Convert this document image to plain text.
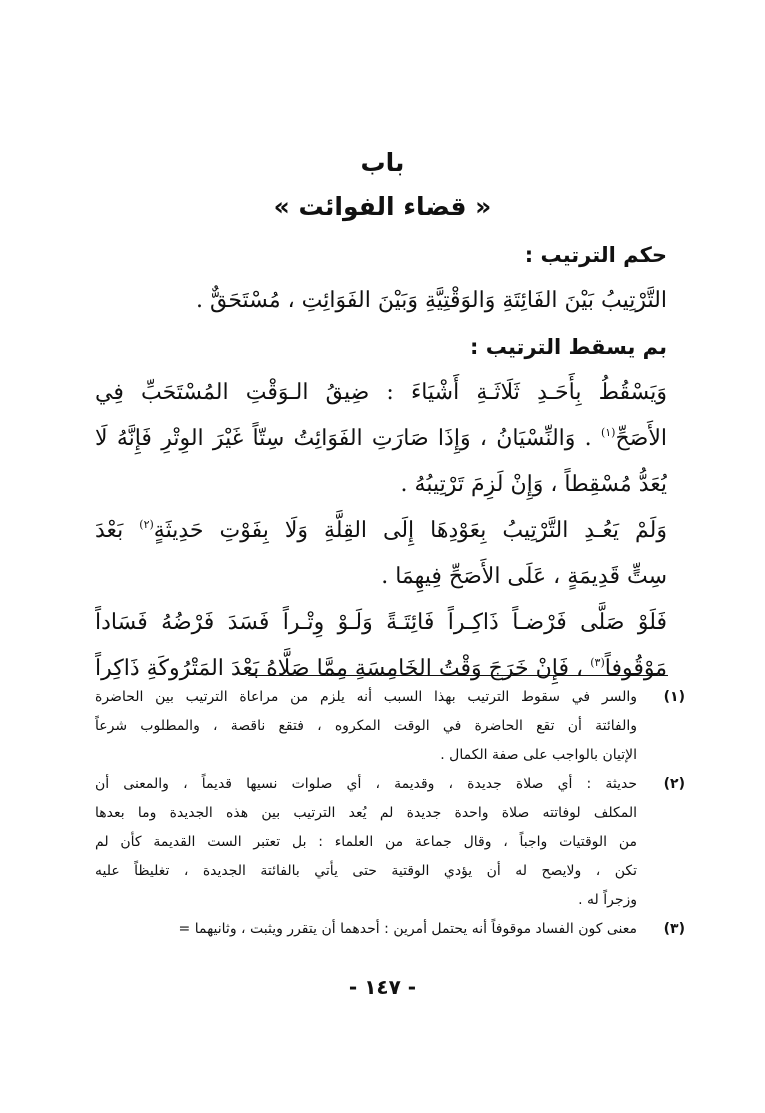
باب
« قضاء الفوائت »
حكم الترتيب :
التَّرْتِيبُ بَيْنَ الفَائِتَةِ وَالوَقْتِيَّةِ وَبَيْنَ الفَوَائِتِ ، مُسْتَحَقٌّ .
بم يسقط الترتيب :
وَيَسْقُطُ بِأَحَـدِ ثَلَاثَـةِ أَشْيَاءَ : ضِيقُ الـوَقْتِ المُسْتَحَبِّ فِي
الأَصَحِّ$^{(١)}$ . وَالنِّسْيَانُ ، وَإِذَا صَارَتِ الفَوَائِتُ سِتّاً غَيْرَ الوِتْرِ فَإِنَّهُ لَا
يُعَدُّ مُسْقِطاً ، وَإِنْ لَزِمَ تَرْتِيبُهُ .
وَلَمْ يَعُـدِ التَّرْتِيبُ بِعَوْدِهَا إِلَى القِلَّةِ وَلَا بِفَوْتِ حَدِيثَةٍ$^{(٢)}$ بَعْدَ
سِتٍّ قَدِيمَةٍ ، عَلَى الأَصَحِّ فِيهِمَا .
فَلَوْ صَلَّى فَرْضـاً ذَاكِـراً فَائِتَـةً وَلَـوْ وِتْـراً فَسَدَ فَرْضُهُ فَسَاداً
مَوْقُوفاً$^{(٣)}$ ، فَإِنْ خَرَجَ وَقْتُ الخَامِسَةِ مِمَّا صَلَّاهُ بَعْدَ المَتْرُوكَةِ ذَاكِراً
(١)
والسر في سقوط الترتيب بهذا السبب أنه يلزم من مراعاة الترتيب بين الحاضرة
والفائتة أن تقع الحاضرة في الوقت المكروه ، فتقع ناقصة ، والمطلوب شرعاً
الإتيان بالواجب على صفة الكمال .
(٢)
حديثة : أي صلاة جديدة ، وقديمة ، أي صلوات نسيها قديماً ، والمعنى أن
المكلف لوفاتته صلاة واحدة جديدة لم يُعد الترتيب بين هذه الجديدة وما بعدها
من الوقتيات واجباً ، وقال جماعة من العلماء : بل تعتبر الست القديمة كأن لم
تكن ، ولايصح له أن يؤدي الوقتية حتى يأتي بالفائتة الجديدة ، تغليظاً عليه
وزجراً له .
(٣)
معنى كون الفساد موقوفاً أنه يحتمل أمرين : أحدهما أن يتقرر ويثبت ، وثانيهما =
- ١٤٧ -
